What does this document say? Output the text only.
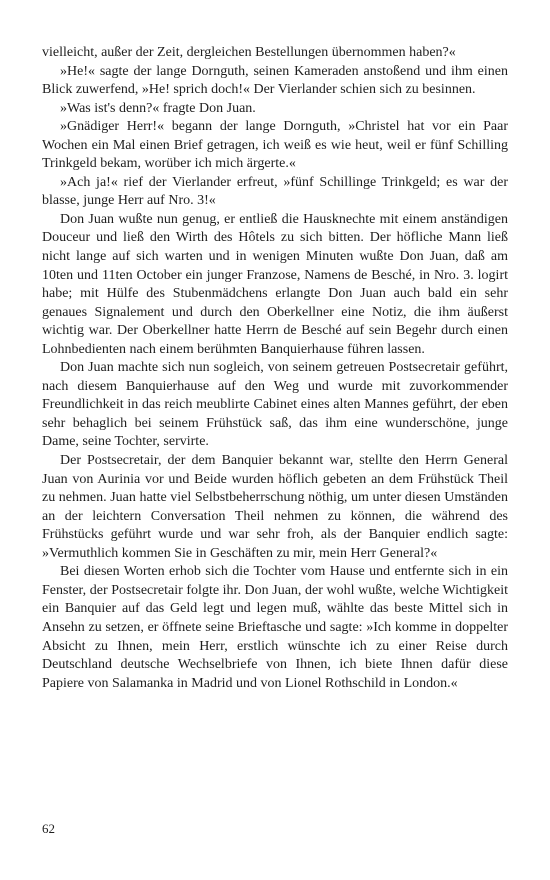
vielleicht, außer der Zeit, dergleichen Bestellungen übernommen haben?«

»He!« sagte der lange Dornguth, seinen Kameraden anstoßend und ihm einen Blick zuwerfend, »He! sprich doch!« Der Vierlander schien sich zu besinnen.

»Was ist's denn?« fragte Don Juan.

»Gnädiger Herr!« begann der lange Dornguth, »Christel hat vor ein Paar Wochen ein Mal einen Brief getragen, ich weiß es wie heut, weil er fünf Schilling Trinkgeld bekam, worüber ich mich ärgerte.«

»Ach ja!« rief der Vierlander erfreut, »fünf Schillinge Trinkgeld; es war der blasse, junge Herr auf Nro. 3!«

Don Juan wußte nun genug, er entließ die Hausknechte mit einem anständigen Douceur und ließ den Wirth des Hôtels zu sich bitten. Der höfliche Mann ließ nicht lange auf sich warten und in wenigen Minuten wußte Don Juan, daß am 10ten und 11ten October ein junger Franzose, Namens de Besché, in Nro. 3. logirt habe; mit Hülfe des Stubenmädchens erlangte Don Juan auch bald ein sehr genaues Signalement und durch den Oberkellner eine Notiz, die ihm äußerst wichtig war. Der Oberkellner hatte Herrn de Besché auf sein Begehr durch einen Lohnbedienten nach einem berühmten Banquierhause führen lassen.

Don Juan machte sich nun sogleich, von seinem getreuen Postsecretair geführt, nach diesem Banquierhause auf den Weg und wurde mit zuvorkommender Freundlichkeit in das reich meublirte Cabinet eines alten Mannes geführt, der eben sehr behaglich bei seinem Frühstück saß, das ihm eine wunderschöne, junge Dame, seine Tochter, servirte.

Der Postsecretair, der dem Banquier bekannt war, stellte den Herrn General Juan von Aurinia vor und Beide wurden höflich gebeten an dem Frühstück Theil zu nehmen. Juan hatte viel Selbstbeherrschung nöthig, um unter diesen Umständen an der leichtern Conversation Theil nehmen zu können, die während des Frühstücks geführt wurde und war sehr froh, als der Banquier endlich sagte: »Vermuthlich kommen Sie in Geschäften zu mir, mein Herr General?«

Bei diesen Worten erhob sich die Tochter vom Hause und entfernte sich in ein Fenster, der Postsecretair folgte ihr. Don Juan, der wohl wußte, welche Wichtigkeit ein Banquier auf das Geld legt und legen muß, wählte das beste Mittel sich in Ansehn zu setzen, er öffnete seine Brieftasche und sagte: »Ich komme in doppelter Absicht zu Ihnen, mein Herr, erstlich wünschte ich zu einer Reise durch Deutschland deutsche Wechselbriefe von Ihnen, ich biete Ihnen dafür diese Papiere von Salamanka in Madrid und von Lionel Rothschild in London.«

62
